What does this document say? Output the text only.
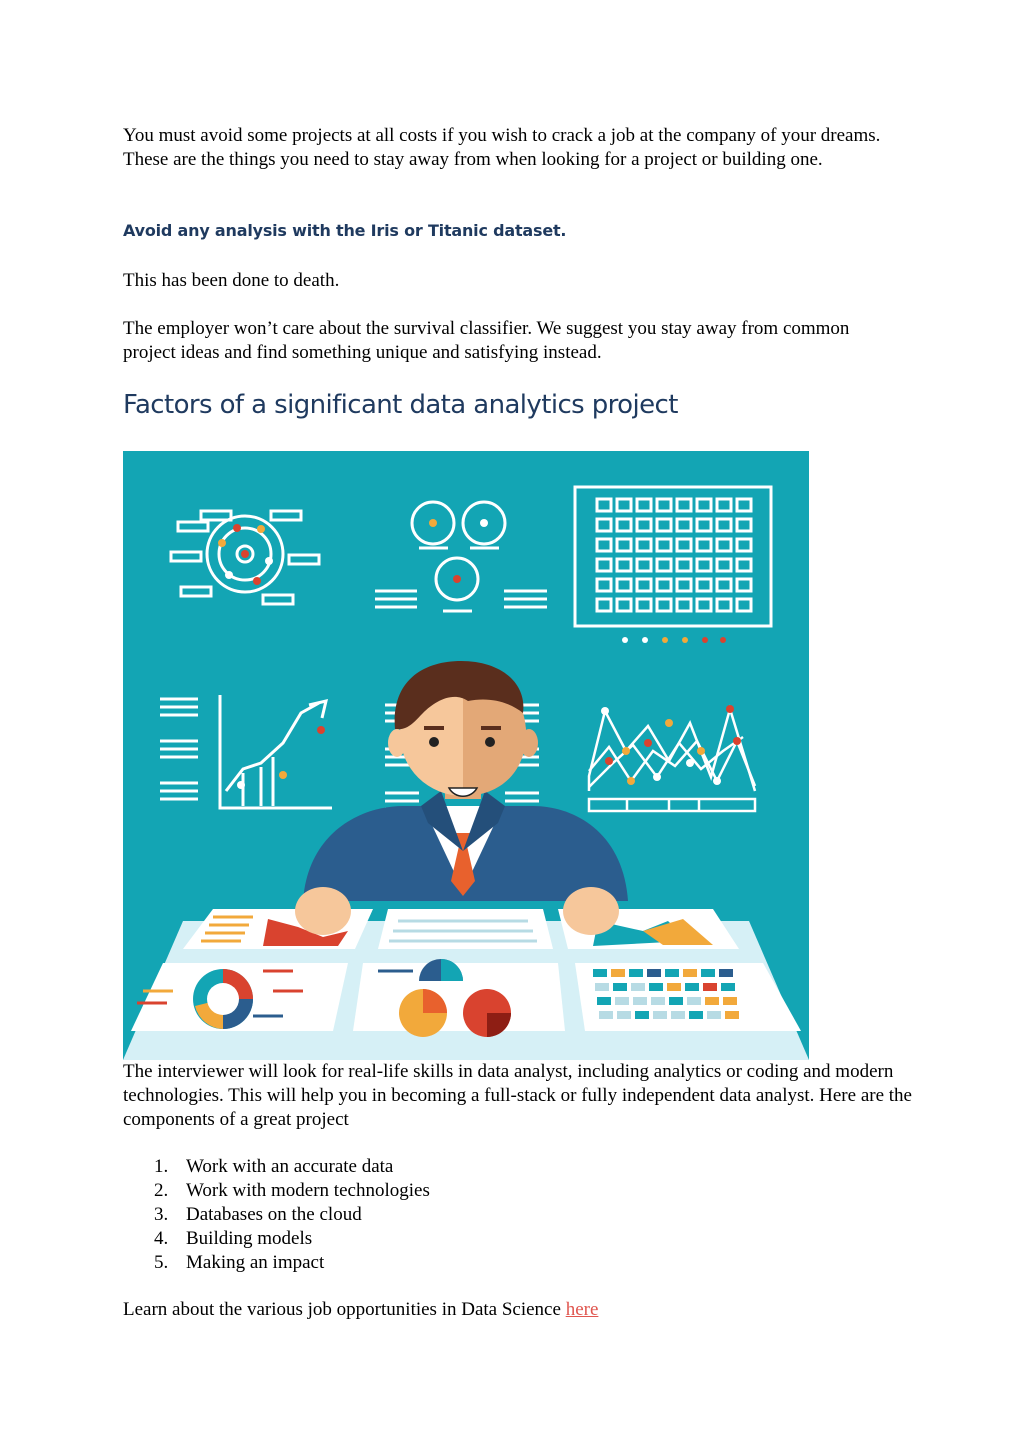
You must avoid some projects at all costs if you wish to crack a job at the company of your dreams. These are the things you need to stay away from when looking for a project or building one.

Avoid any analysis with the Iris or Titanic dataset.

This has been done to death.

The employer won’t care about the survival classifier. We suggest you stay away from common project ideas and find something unique and satisfying instead.

Factors of a significant data analytics project

The interviewer will look for real-life skills in data analyst, including analytics or coding and modern technologies. This will help you in becoming a full-stack or fully independent data analyst. Here are the components of a great project

1. Work with an accurate data
2. Work with modern technologies
3. Databases on the cloud
4. Building models
5. Making an impact

Learn about the various job opportunities in Data Science here
